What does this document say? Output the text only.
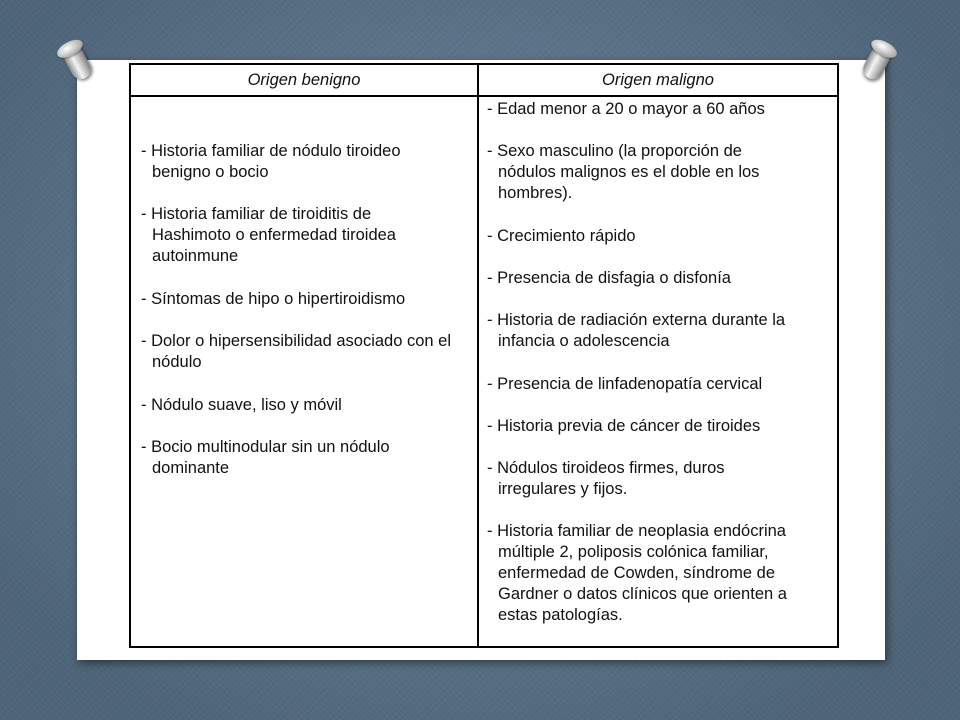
Origen benigno	Origen maligno
- Historia familiar de nódulo tiroideo benigno o bocio
- Historia familiar de tiroiditis de Hashimoto o enfermedad tiroidea autoinmune
- Síntomas de hipo o hipertiroidismo
- Dolor o hipersensibilidad asociado con el nódulo
- Nódulo suave, liso y móvil
- Bocio multinodular sin un nódulo dominante
- Edad menor a 20 o mayor a 60 años
- Sexo masculino (la proporción de nódulos malignos es el doble en los hombres).
- Crecimiento rápido
- Presencia de disfagia o disfonía
- Historia de radiación externa durante la infancia o adolescencia
- Presencia de linfadenopatía cervical
- Historia previa de cáncer de tiroides
- Nódulos tiroideos firmes, duros irregulares y fijos.
- Historia familiar de neoplasia endócrina múltiple 2, poliposis colónica familiar, enfermedad de Cowden, síndrome de Gardner o datos clínicos que orienten a estas patologías.
